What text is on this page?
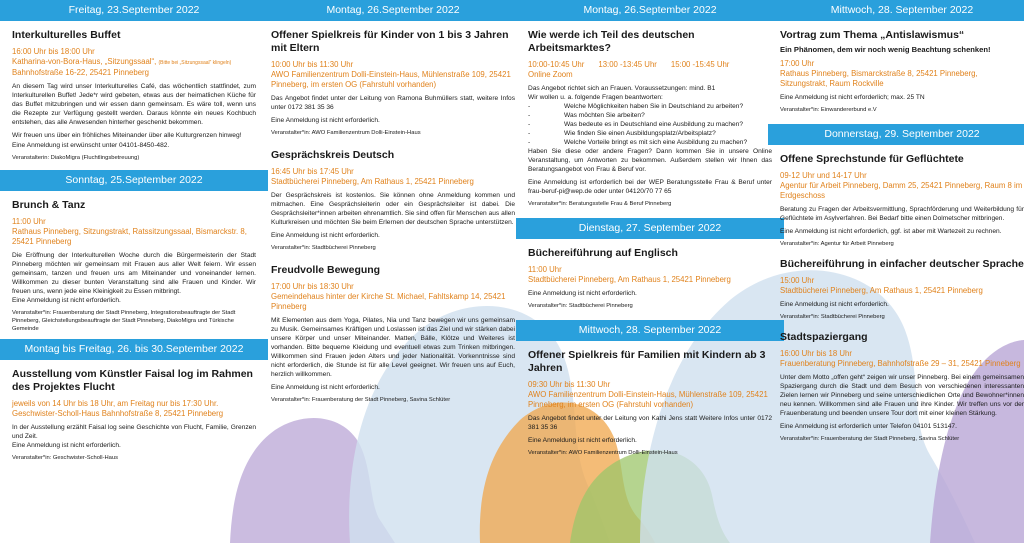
Freitag, 23.September 2022
Interkulturelles Buffet
16:00 Uhr bis 18:00 Uhr
Katharina-von-Bora-Haus, „Sitzungssaal“, (Bitte bei „Sitzungssaal“ klingeln)
Bahnhofstraße 16-22, 25421 Pinneberg
An diesem Tag wird unser Interkulturelles Café, das wöchentlich stattfindet, zum Interkulturellen Buffet! Jede*r wird gebeten, etwas aus der heimatlichen Küche für das Buffet mitzubringen und wir essen dann gemeinsam. Es wäre toll, wenn uns die Rezepte zur Verfügung gestellt werden. Daraus könnte ein neues Kochbuch entstehen, das alle Anwesenden hinterher geschenkt bekommen.
Wir freuen uns über ein fröhliches Miteinander über alle Kulturgrenzen hinweg!
Eine Anmeldung ist erwünscht unter 04101-8450-482.
Veranstalterin: DiakoMigra (Fluchtlingsbetreuung)
Sonntag, 25.September 2022
Brunch & Tanz
11:00 Uhr
Rathaus Pinneberg, Sitzungstrakt, Ratssitzungssaal, Bismarckstr. 8, 25421 Pinneberg
Die Eröffnung der Interkulturellen Woche durch die Bürgermeisterin der Stadt Pinneberg möchten wir gemeinsam mit Frauen aus aller Welt feiern. Wir essen gemeinsam, tanzen und freuen uns am Miteinander und voneinander lernen. Willkommen zu dieser bunten Veranstaltung sind alle Frauen und Kinder. Wir freuen uns, wenn jede eine Kleinigkeit zu Essen mitbringt.
Eine Anmeldung ist nicht erforderlich.
Veranstalter*in: Frauenberatung der Stadt Pinneberg, Integrationsbeauftragte der Stadt Pinneberg, Gleichstellungsbeauftragte der Stadt Pinneberg, DiakoMigra und Türkische Gemeinde
Montag bis Freitag, 26. bis 30.September 2022
Ausstellung vom Künstler Faisal log im Rahmen des Projektes Flucht
jeweils von 14 Uhr bis 18 Uhr, am Freitag nur bis 17:30 Uhr.
Geschwister-Scholl-Haus Bahnhofstraße 8, 25421 Pinneberg
In der Ausstellung erzählt Faisal log seine Geschichte von Flucht, Familie, Grenzen und Zeit.
Eine Anmeldung ist nicht erforderlich.
Veranstalter*in: Geschwister-Scholl-Haus
Montag, 26.September 2022
Offener Spielkreis für Kinder von 1 bis 3 Jahren mit Eltern
10:00 Uhr bis 11:30 Uhr
AWO Familienzentrum Dolli-Einstein-Haus, Mühlenstraße 109, 25421 Pinneberg, im ersten OG (Fahrstuhl vorhanden)
Das Angebot findet unter der Leitung von Ramona Buhmüllers statt, weitere Infos unter 0172 381 35 36
Eine Anmeldung ist nicht erforderlich.
Veranstalter*in: AWO Familienzentrum Dolli-Einstein-Haus
Gesprächskreis Deutsch
16:45 Uhr bis 17:45 Uhr
Stadtbücherei Pinneberg, Am Rathaus 1, 25421 Pinneberg
Der Gesprächskreis ist kostenlos. Sie können ohne Anmeldung kommen und mitmachen. Eine Gesprächsleiterin oder ein Gesprächsleiter ist dabei. Die Gesprächsleiter*innen arbeiten ehrenamtlich. Sie sind offen für Menschen aus allen Kulturkreisen und möchten Sie beim Erlernen der deutschen Sprache unterstützen.
Eine Anmeldung ist nicht erforderlich.
Veranstalter*in: Stadtbücherei Pinneberg
Freudvolle Bewegung
17:00 Uhr bis 18:30 Uhr
Gemeindehaus hinter der Kirche St. Michael, Fahltskamp 14, 25421 Pinneberg
Mit Elementen aus dem Yoga, Pilates, Nia und Tanz bewegen wir uns gemeinsam zu Musik. Gemeinsames Kräftigen und Loslassen ist das Ziel und wir stärken dabei unsere Körper und unser Miteinander. Matten, Bälle, Klötze und Weiteres ist vorhanden. Bitte bequeme Kleidung und eventuell etwas zum Trinken mitbringen. Willkommen sind Frauen jeden Alters und jeder Nationalität. Vorkenntnisse sind nicht erforderlich, die Stunde ist für alle Level geeignet. Wir freuen uns auf Euch, herzlich willkommen.
Eine Anmeldung ist nicht erforderlich.
Veranstalter*in: Frauenberatung der Stadt Pinneberg, Savina Schlüter
Montag, 26.September 2022
Wie werde ich Teil des deutschen Arbeitsmarktes?
10:00-10:45 Uhr 13:00 -13:45 Uhr 15:00 -15:45 Uhr
Online Zoom
Das Angebot richtet sich an Frauen. Voraussetzungen: mind. B1
Wir wollen u. a. folgende Fragen beantworten:
-	Welche Möglichkeiten haben Sie in Deutschland zu arbeiten?
-	Was möchten Sie arbeiten?
-	Was bedeute es in Deutschland eine Ausbildung zu machen?
-	Wie finden Sie einen Ausbildungsplatz/Arbeitsplatz?
-	Welche Vorteile bringt es mit sich eine Ausbildung zu machen?
Haben Sie diese oder andere Fragen? Dann kommen Sie in unsere Online Veranstaltung, um Antworten zu bekommen. Außerdem stellen wir Ihnen das Beratungsangebot von Frau & Beruf vor.
Eine Anmeldung ist erforderlich bei der WEP Beratungsstelle Frau & Beruf unter frau-beruf-pi@wep.de oder unter 04120/70 77 65
Veranstalter*in: Beratungsstelle Frau & Beruf Pinneberg
Dienstag, 27. September 2022
Büchereiführung auf Englisch
11:00 Uhr
Stadtbücherei Pinneberg, Am Rathaus 1, 25421 Pinneberg
Eine Anmeldung ist nicht erforderlich.
Veranstalter*in: Stadtbücherei Pinneberg
Mittwoch, 28. September 2022
Offener Spielkreis für Familien mit Kindern ab 3 Jahren
09:30 Uhr bis 11:30 Uhr
AWO Familienzentrum Dolli-Einstein-Haus, Mühlenstraße 109, 25421 Pinneberg, im ersten OG (Fahrstuhl vorhanden)
Das Angebot findet unter der Leitung von Kathi Jens statt Weitere Infos unter 0172 381 35 36
Eine Anmeldung ist nicht erforderlich.
Veranstalter*in: AWO Familienzentrum Dolli-Einstein-Haus
Mittwoch, 28. September 2022
Vortrag zum Thema „Antislawismus“
Ein Phänomen, dem wir noch wenig Beachtung schenken!
17:00 Uhr
Rathaus Pinneberg, Bismarckstraße 8, 25421 Pinneberg, Sitzungstrakt, Raum Rockville
Eine Anmeldung ist nicht erforderlich; max. 25 TN
Veranstalter*in: Einwandererbund e.V
Donnerstag, 29. September 2022
Offene Sprechstunde für Geflüchtete
09-12 Uhr und 14-17 Uhr
Agentur für Arbeit Pinneberg, Damm 25, 25421 Pinneberg, Raum 8 im Erdgeschoss
Beratung zu Fragen der Arbeitsvermittlung, Sprachförderung und Weiterbildung für Geflüchtete im Asylverfahren. Bei Bedarf bitte einen Dolmetscher mitbringen.
Eine Anmeldung ist nicht erforderlich, ggf. ist aber mit Wartezeit zu rechnen.
Veranstalter*in: Agentur für Arbeit Pinneberg
Büchereiführung in einfacher deutscher Sprache
15:00 Uhr
Stadtbücherei Pinneberg, Am Rathaus 1, 25421 Pinneberg
Eine Anmeldung ist nicht erforderlich.
Veranstalter*in: Stadtbücherei Pinneberg
Stadtspaziergang
16:00 Uhr bis 18 Uhr
Frauenberatung Pinneberg, Bahnhofstraße 29 – 31, 25421 Pinneberg
Unter dem Motto „offen geht“ zeigen wir unser Pinneberg. Bei einem gemeinsamen Spaziergang durch die Stadt und dem Besuch von verschiedenen interessanten Zielen lernen wir Pinneberg und seine unterschiedlichen Orte und Bewohner*innen neu kennen. Willkommen sind alle Frauen und ihre Kinder. Wir treffen uns vor der Frauenberatung und beenden unsere Tour dort mit einer kleinen Stärkung.
Eine Anmeldung ist erforderlich unter Telefon 04101 513147.
Veranstalter*in: Frauenberatung der Stadt Pinneberg, Savina Schlüter
